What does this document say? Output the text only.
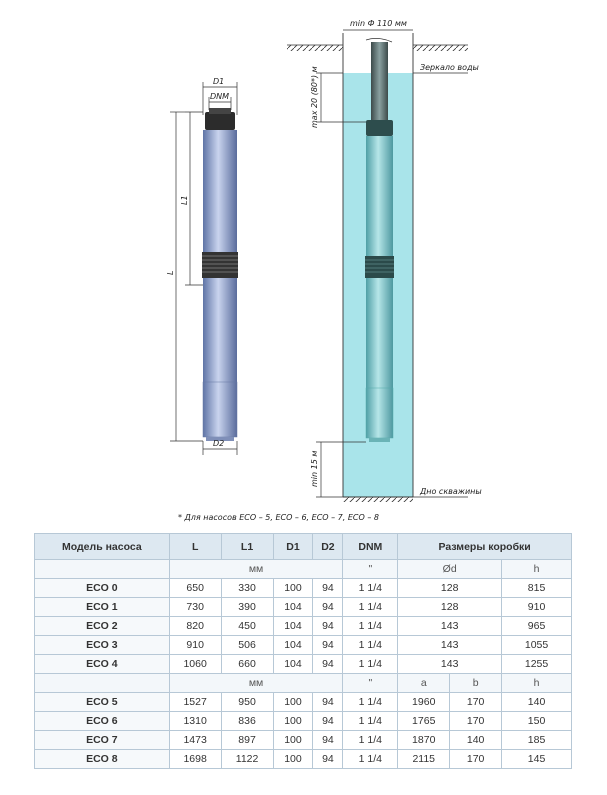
D1
DNM
L1
L
D2
min Ф 110 мм
Зеркало воды
max 20 (80*) м
min 15 м
Дно скважины
* Для насосов ECO – 5, ECO – 6, ECO – 7, ECO – 8
Модель насоса	L	L1	D1	D2	DNM	Размеры коробки		
	мм				"	Ød		h
ECO 0	650	330	100	94	1 1/4	128		815
ECO 1	730	390	104	94	1 1/4	128		910
ECO 2	820	450	104	94	1 1/4	143		965
ECO 3	910	506	104	94	1 1/4	143		1055
ECO 4	1060	660	104	94	1 1/4	143		1255
	мм				"	a	b	h
ECO 5	1527	950	100	94	1 1/4	1960	170	140
ECO 6	1310	836	100	94	1 1/4	1765	170	150
ECO 7	1473	897	100	94	1 1/4	1870	140	185
ECO 8	1698	1122	100	94	1 1/4	2115	170	145
